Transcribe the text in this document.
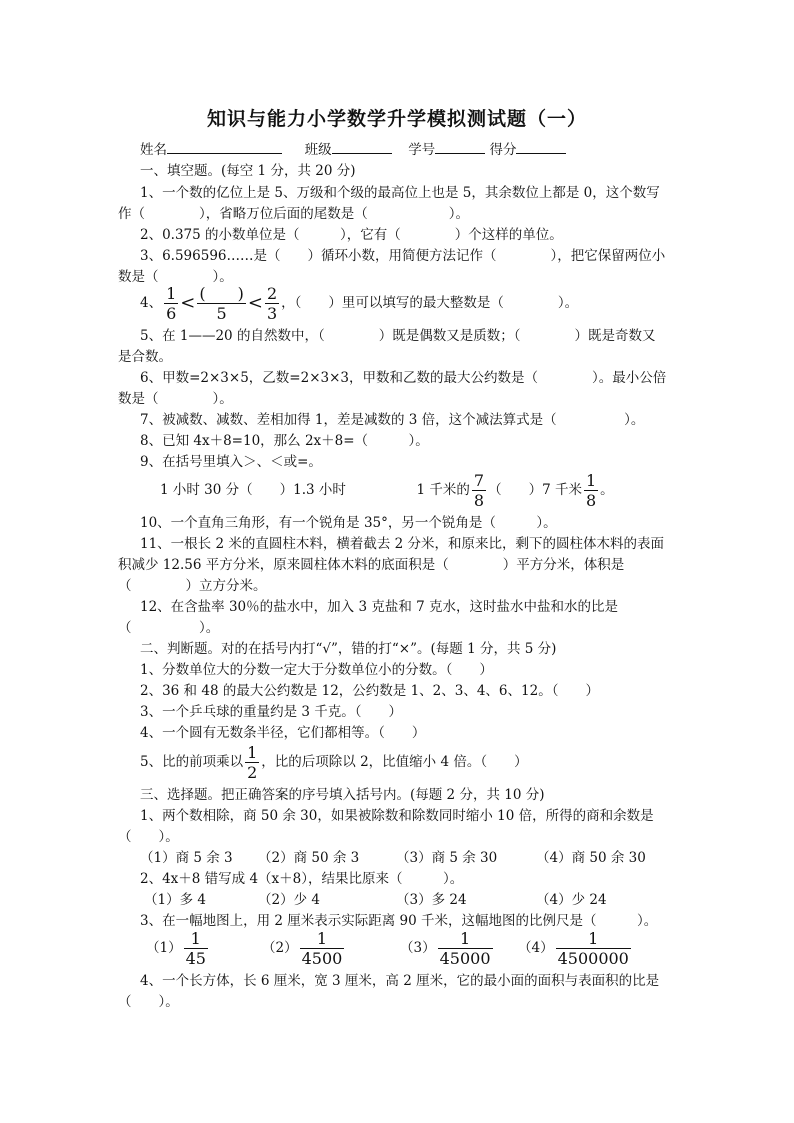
知识与能力小学数学升学模拟测试题（一）
姓名	班级	学号	得分
一、填空题。(每空 1 分，共 20 分)
1、一个数的亿位上是 5、万级和个级的最高位上也是 5，其余数位上都是 0，这个数写
作（　　　　），省略万位后面的尾数是（　　　　　　）。
2、0.375 的小数单位是（　　　），它有（　　　　）个这样的单位。
3、6.596596……是（　　）循环小数，用简便方法记作（　　　　），把它保留两位小
数是（　　　　）。
4、 $\frac{1}{6} < \frac{( )}{5} < \frac{2}{3}$ ，（　　）里可以填写的最大整数是（　　　　）。
5、在 1——20 的自然数中，（　　　　）既是偶数又是质数；（　　　　）既是奇数又
是合数。
6、甲数=2×3×5，乙数=2×3×3，甲数和乙数的最大公约数是（　　　　）。最小公倍
数是（　　　　）。
7、被减数、减数、差相加得 1，差是减数的 3 倍，这个减法算式是（　　　　　）。
8、已知 4x＋8=10，那么 2x＋8=（　　　）。
9、在括号里填入＞、＜或=。
1 小时 30 分（　　）1.3 小时	1 千米的 $\frac{7}{8}$ （　　）7 千米 $\frac{1}{8}$ 。
10、一个直角三角形，有一个锐角是 35°，另一个锐角是（　　　）。
11、一根长 2 米的直圆柱木料，横着截去 2 分米，和原来比，剩下的圆柱体木料的表面
积减少 12.56 平方分米，原来圆柱体木料的底面积是（　　　　）平方分米，体积是
（　　　　）立方分米。
12、在含盐率 30％的盐水中，加入 3 克盐和 7 克水，这时盐水中盐和水的比是
（　　　　　）。
二、判断题。对的在括号内打“√”，错的打“×”。(每题 1 分，共 5 分)
1、分数单位大的分数一定大于分数单位小的分数。（　　）
2、36 和 48 的最大公约数是 12，公约数是 1、2、3、4、6、12。（　　）
3、一个乒乓球的重量约是 3 千克。（　　）
4、一个圆有无数条半径，它们都相等。（　　）
5、比的前项乘以 $\frac{1}{2}$ ，比的后项除以 2，比值缩小 4 倍。（　　）
三、选择题。把正确答案的序号填入括号内。(每题 2 分，共 10 分)
1、两个数相除，商 50 余 30，如果被除数和除数同时缩小 10 倍，所得的商和余数是
（　　）。
（1）商 5 余 3 （2）商 50 余 3	（3）商 5 余 30	（4）商 50 余 30
2、4x＋8 错写成 4（x＋8），结果比原来（　　　）。
（1）多 4	（2）少 4	（3）多 24	（4）少 24
3、在一幅地图上，用 2 厘米表示实际距离 90 千米，这幅地图的比例尺是（　　　）。
$(1) \frac{1}{45}$	$(2) \frac{1}{4500}$	$(3) \frac{1}{45000} (4) \frac{1}{4500000}$
4、一个长方体，长 6 厘米，宽 3 厘米，高 2 厘米，它的最小面的面积与表面积的比是
（　　）。
